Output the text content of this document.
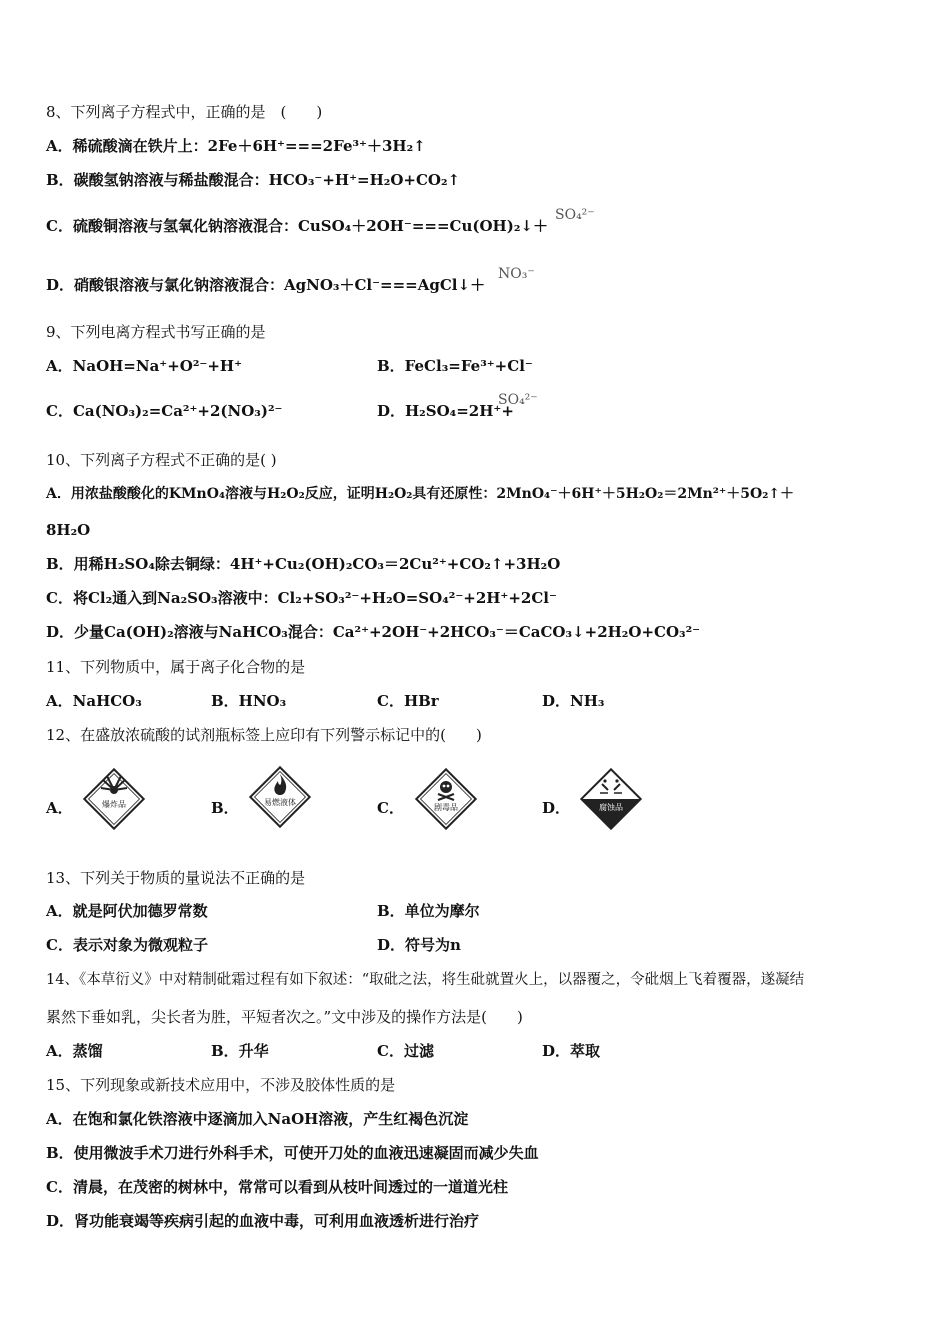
8、下列离子方程式中，正确的是　(　　)
A．稀硫酸滴在铁片上：2Fe＋6H⁺===2Fe³⁺＋3H₂↑
B．碳酸氢钠溶液与稀盐酸混合：HCO₃⁻+H⁺=H₂O+CO₂↑
C．硫酸铜溶液与氢氧化钠溶液混合：CuSO₄＋2OH⁻===Cu(OH)₂↓＋
SO₄²⁻
D．硝酸银溶液与氯化钠溶液混合：AgNO₃＋Cl⁻===AgCl↓＋
NO₃⁻
9、下列电离方程式书写正确的是
A．NaOH=Na⁺+O²⁻+H⁺	B．FeCl₃=Fe³⁺+Cl⁻
C．Ca(NO₃)₂=Ca²⁺+2(NO₃)²⁻	D．H₂SO₄=2H⁺+
SO₄²⁻
10、下列离子方程式不正确的是( )
A．用浓盐酸酸化的KMnO₄溶液与H₂O₂反应，证明H₂O₂具有还原性：2MnO₄⁻＋6H⁺＋5H₂O₂＝2Mn²⁺＋5O₂↑＋
8H₂O
B．用稀H₂SO₄除去铜绿：4H⁺+Cu₂(OH)₂CO₃＝2Cu²⁺+CO₂↑+3H₂O
C．将Cl₂通入到Na₂SO₃溶液中：Cl₂+SO₃²⁻+H₂O=SO₄²⁻+2H⁺+2Cl⁻
D．少量Ca(OH)₂溶液与NaHCO₃混合：Ca²⁺+2OH⁻+2HCO₃⁻＝CaCO₃↓+2H₂O+CO₃²⁻
11、下列物质中，属于离子化合物的是
A．NaHCO₃	B．HNO₃	C．HBr	D．NH₃
12、在盛放浓硫酸的试剂瓶标签上应印有下列警示标记中的(　　)
A．	爆炸品	B．	易燃液体	C．	剧毒品	D．	腐蚀品
13、下列关于物质的量说法不正确的是
A．就是阿伏加德罗常数	B．单位为摩尔
C．表示对象为微观粒子	D．符号为n
14、《本草衍义》中对精制砒霜过程有如下叙述：“取砒之法，将生砒就置火上，以器覆之，令砒烟上飞着覆器，遂凝结
累然下垂如乳，尖长者为胜，平短者次之。”文中涉及的操作方法是(　　)
A．蒸馏	B．升华	C．过滤	D．萃取
15、下列现象或新技术应用中，不涉及胶体性质的是
A．在饱和氯化铁溶液中逐滴加入NaOH溶液，产生红褐色沉淀
B．使用微波手术刀进行外科手术，可使开刀处的血液迅速凝固而减少失血
C．清晨，在茂密的树林中，常常可以看到从枝叶间透过的一道道光柱
D．肾功能衰竭等疾病引起的血液中毒，可利用血液透析进行治疗
